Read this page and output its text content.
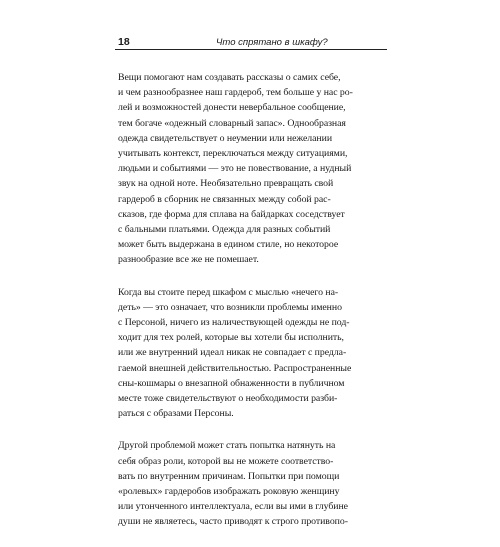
18	Что спрятано в шкафу?

Вещи помогают нам создавать рассказы о самих себе,
и чем разнообразнее наш гардероб, тем больше у нас ро-
лей и возможностей донести невербальное сообщение,
тем богаче «одежный словарный запас». Однообразная
одежда свидетельствует о неумении или нежелании
учитывать контекст, переключаться между ситуациями,
людьми и событиями — это не повествование, а нудный
звук на одной ноте. Необязательно превращать свой
гардероб в сборник не связанных между собой рас-
сказов, где форма для сплава на байдарках соседствует
с бальными платьями. Одежда для разных событий
может быть выдержана в едином стиле, но некоторое
разнообразие все же не помешает.

Когда вы стоите перед шкафом с мыслью «нечего на-
деть» — это означает, что возникли проблемы именно
с Персоной, ничего из наличествующей одежды не под-
ходит для тех ролей, которые вы хотели бы исполнить,
или же внутренний идеал никак не совпадает с предла-
гаемой внешней действительностью. Распространенные
сны-кошмары о внезапной обнаженности в публичном
месте тоже свидетельствуют о необходимости разби-
раться с образами Персоны.

Другой проблемой может стать попытка натянуть на
себя образ роли, которой вы не можете соответство-
вать по внутренним причинам. Попытки при помощи
«ролевых» гардеробов изображать роковую женщину
или утонченного интеллектуала, если вы ими в глубине
души не являетесь, часто приводят к строго противопо-
